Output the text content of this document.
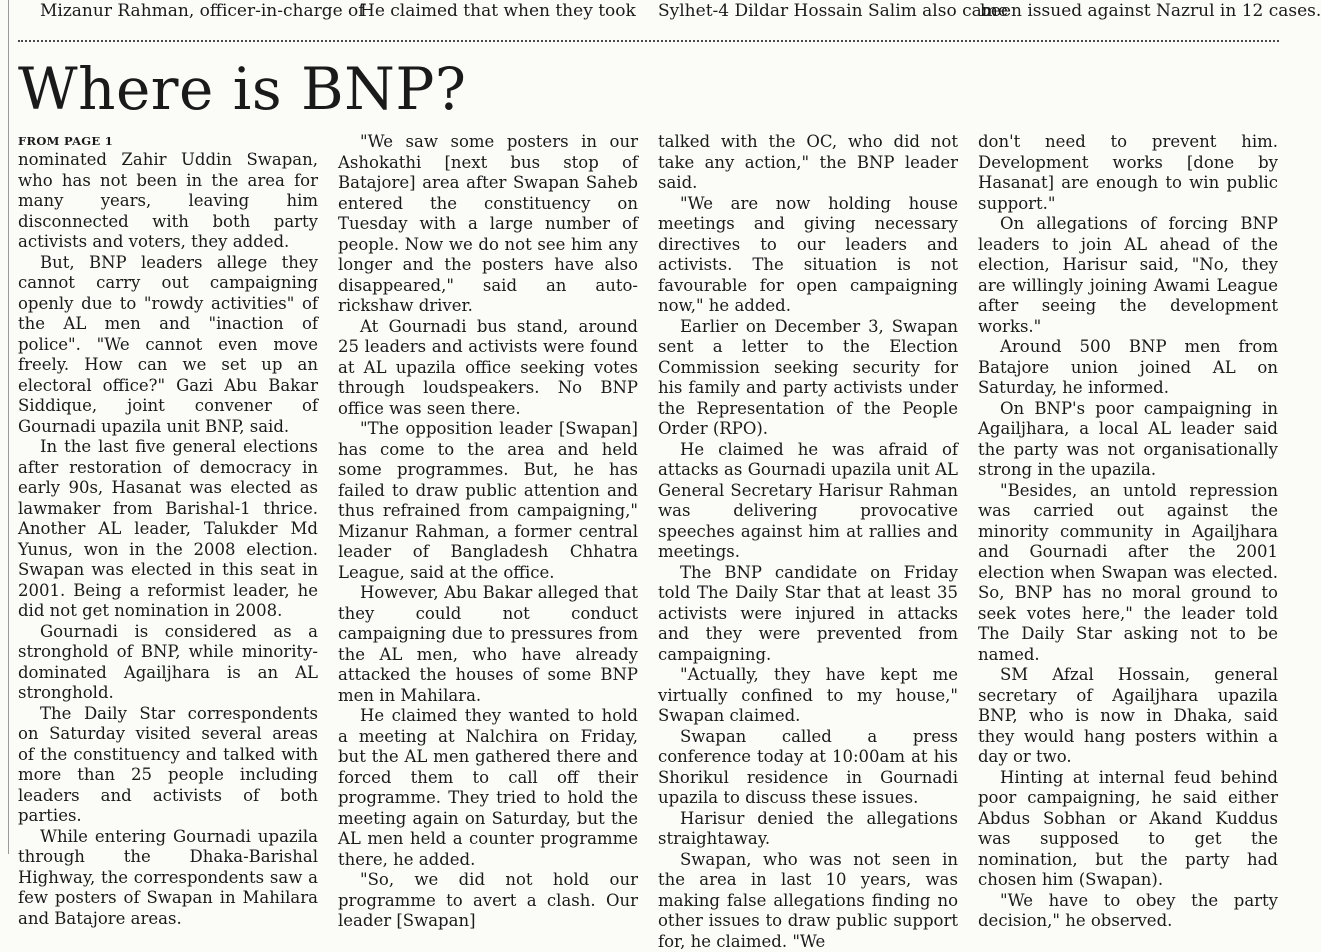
Mizanur Rahman, officer-in-charge of
He claimed that when they took	Sylhet-4 Dildar Hossain Salim also came
been issued against Nazrul in 12 cases.
Where is BNP?
FROM PAGE 1

nominated Zahir Uddin Swapan, who has not been in the area for many years, leaving him disconnected with both party activists and voters, they added.

But, BNP leaders allege they cannot carry out campaigning openly due to "rowdy activities" of the AL men and "inaction of police". "We cannot even move freely. How can we set up an electoral office?" Gazi Abu Bakar Siddique, joint convener of Gournadi upazila unit BNP, said.

In the last five general elections after restoration of democracy in early 90s, Hasanat was elected as lawmaker from Barishal-1 thrice. Another AL leader, Talukder Md Yunus, won in the 2008 election. Swapan was elected in this seat in 2001. Being a reformist leader, he did not get nomination in 2008.

Gournadi is considered as a stronghold of BNP, while minority-dominated Agailjhara is an AL stronghold.

The Daily Star correspondents on Saturday visited several areas of the constituency and talked with more than 25 people including leaders and activists of both parties.

While entering Gournadi upazila through the Dhaka-Barishal Highway, the correspondents saw a few posters of Swapan in Mahilara and Batajore areas.

"We saw some posters in our Ashokathi [next bus stop of Batajore] area after Swapan Saheb entered the constituency on Tuesday with a large number of people. Now we do not see him any longer and the posters have also disappeared," said an auto-rickshaw driver.

At Gournadi bus stand, around 25 leaders and activists were found at AL upazila office seeking votes through loudspeakers. No BNP office was seen there.

"The opposition leader [Swapan] has come to the area and held some programmes. But, he has failed to draw public attention and thus refrained from campaigning," Mizanur Rahman, a former central leader of Bangladesh Chhatra League, said at the office.

However, Abu Bakar alleged that they could not conduct campaigning due to pressures from the AL men, who have already attacked the houses of some BNP men in Mahilara.

He claimed they wanted to hold a meeting at Nalchira on Friday, but the AL men gathered there and forced them to call off their programme. They tried to hold the meeting again on Saturday, but the AL men held a counter programme there, he added.

"So, we did not hold our programme to avert a clash. Our leader [Swapan]

talked with the OC, who did not take any action," the BNP leader said.

"We are now holding house meetings and giving necessary directives to our leaders and activists. The situation is not favourable for open campaigning now," he added.

Earlier on December 3, Swapan sent a letter to the Election Commission seeking security for his family and party activists under the Representation of the People Order (RPO).

He claimed he was afraid of attacks as Gournadi upazila unit AL General Secretary Harisur Rahman was delivering provocative speeches against him at rallies and meetings.

The BNP candidate on Friday told The Daily Star that at least 35 activists were injured in attacks and they were prevented from campaigning.

"Actually, they have kept me virtually confined to my house," Swapan claimed.

Swapan called a press conference today at 10:00am at his Shorikul residence in Gournadi upazila to discuss these issues.

Harisur denied the allegations straightaway.

Swapan, who was not seen in the area in last 10 years, was making false allegations finding no other issues to draw public support for, he claimed. "We

don't need to prevent him. Development works [done by Hasanat] are enough to win public support."

On allegations of forcing BNP leaders to join AL ahead of the election, Harisur said, "No, they are willingly joining Awami League after seeing the development works."

Around 500 BNP men from Batajore union joined AL on Saturday, he informed.

On BNP's poor campaigning in Agailjhara, a local AL leader said the party was not organisationally strong in the upazila.

"Besides, an untold repression was carried out against the minority community in Agailjhara and Gournadi after the 2001 election when Swapan was elected. So, BNP has no moral ground to seek votes here," the leader told The Daily Star asking not to be named.

SM Afzal Hossain, general secretary of Agailjhara upazila BNP, who is now in Dhaka, said they would hang posters within a day or two.

Hinting at internal feud behind poor campaigning, he said either Abdus Sobhan or Akand Kuddus was supposed to get the nomination, but the party had chosen him (Swapan).

"We have to obey the party decision," he observed.
